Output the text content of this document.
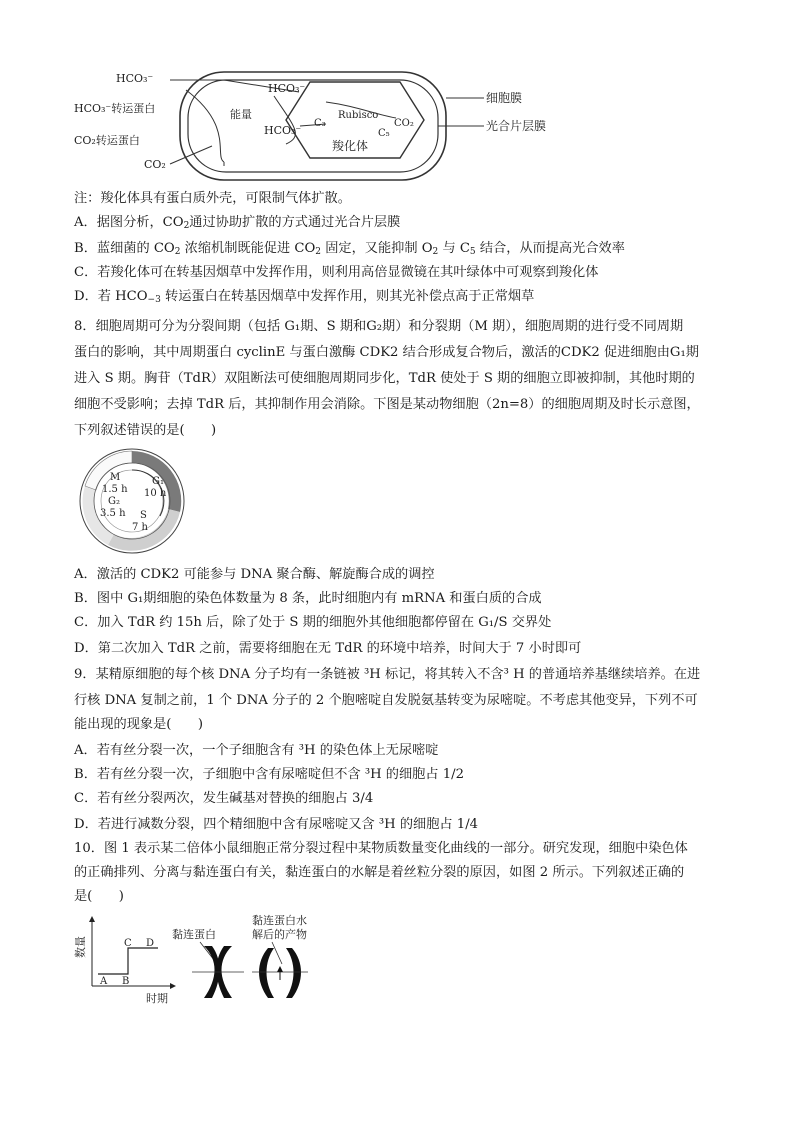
HCO₃⁻
HCO₃⁻转运蛋白
CO₂转运蛋白
CO₂
能量
HCO₃⁻
HCO₃⁻
Rubisco
C₃	CO₂
C₅
羧化体
细胞膜
光合片层膜
注：羧化体具有蛋白质外壳，可限制气体扩散。
A．据图分析，$CO_2$通过协助扩散的方式通过光合片层膜
B．蓝细菌的 $CO_2$ 浓缩机制既能促进 $CO_2$ 固定，又能抑制 $O_2$ 与 $C_5$ 结合，从而提高光合效率
C．若羧化体可在转基因烟草中发挥作用，则利用高倍显微镜在其叶绿体中可观察到羧化体
D．若 $HCO_{-3}$ 转运蛋白在转基因烟草中发挥作用，则其光补偿点高于正常烟草
8．细胞周期可分为分裂间期（包括 G₁期、S 期和G₂期）和分裂期（M 期），细胞周期的进行受不同周期
蛋白的影响，其中周期蛋白 cyclinE 与蛋白激酶 CDK2 结合形成复合物后，激活的CDK2 促进细胞由G₁期
进入 S 期。胸苷（TdR）双阻断法可使细胞周期同步化，TdR 使处于 S 期的细胞立即被抑制，其他时期的
细胞不受影响；去掉 TdR 后，其抑制作用会消除。下图是某动物细胞（2n=8）的细胞周期及时长示意图，
下列叙述错误的是(　　)
M
1.5 h
G₂
3.5 h
G₁
10 h
S
7 h
A．激活的 CDK2 可能参与 DNA 聚合酶、解旋酶合成的调控
B．图中 G₁期细胞的染色体数量为 8 条，此时细胞内有 mRNA 和蛋白质的合成
C．加入 TdR 约 15h 后，除了处于 S 期的细胞外其他细胞都停留在 G₁/S 交界处
D．第二次加入 TdR 之前，需要将细胞在无 TdR 的环境中培养，时间大于 7 小时即可
9．某精原细胞的每个核 DNA 分子均有一条链被 ³H 标记，将其转入不含³ H 的普通培养基继续培养。在进
行核 DNA 复制之前，1 个 DNA 分子的 2 个胞嘧啶自发脱氨基转变为尿嘧啶。不考虑其他变异，下列不可
能出现的现象是(　　)
A．若有丝分裂一次，一个子细胞含有 ³H 的染色体上无尿嘧啶
B．若有丝分裂一次，子细胞中含有尿嘧啶但不含 ³H 的细胞占 1/2
C．若有丝分裂两次，发生碱基对替换的细胞占 3/4
D．若进行减数分裂，四个精细胞中含有尿嘧啶又含 ³H 的细胞占 1/4
10．图 1 表示某二倍体小鼠细胞正常分裂过程中某物质数量变化曲线的一部分。研究发现，细胞中染色体
的正确排列、分离与黏连蛋白有关，黏连蛋白的水解是着丝粒分裂的原因，如图 2 所示。下列叙述正确的
是(　　)
数量
时期
A B
C D
黏连蛋白
黏连蛋白水
解后的产物
